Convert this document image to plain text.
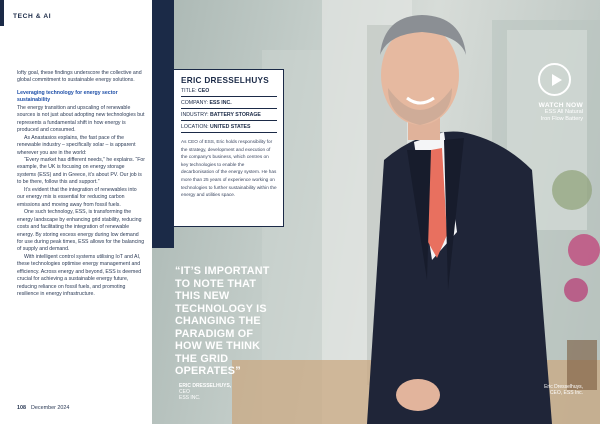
TECH & AI

lofty goal, these findings underscore the collective and global commitment to sustainable energy solutions.

Leveraging technology for energy sector sustainability

The energy transition and upscaling of renewable sources is not just about adopting new technologies but represents a fundamental shift in how energy is produced and consumed.

As Anastasios explains, the fast pace of the renewable industry – specifically solar – is apparent wherever you are in the world:

“Every market has different needs,” he explains. “For example, the UK is focusing on energy storage systems (ESS) and in Greece, it’s about PV. Our job is to be there, follow this and support.”

It’s evident that the integration of renewables into our energy mix is essential for reducing carbon emissions and moving away from fossil fuels.

One such technology, ESS, is transforming the energy landscape by enhancing grid stability, reducing costs and facilitating the integration of renewable energy. By storing excess energy during low demand for use during peak times, ESS allows for the balancing of supply and demand.

With intelligent control systems utilising IoT and AI, these technologies optimise energy management and efficiency. Across energy and beyond, ESS is deemed crucial for achieving a sustainable energy future, reducing reliance on fossil fuels, and promoting resilience in energy infrastructure.

108 December 2024
ERIC DRESSELHUYS
TITLE: CEO
COMPANY: ESS INC.
INDUSTRY: BATTERY STORAGE
LOCATION: UNITED STATES
As CEO of ESS, Eric holds responsibility for the strategy, development and execution of the company’s business, which centres on key technologies to enable the decarbonisation of the energy system. He has more than 25 years of experience working on technologies to further sustainability within the energy and utilities space.
“IT’S IMPORTANT TO NOTE THAT THIS NEW TECHNOLOGY IS CHANGING THE PARADIGM OF HOW WE THINK THE GRID OPERATES”
ERIC DRESSELHUYS,
CEO
ESS INC.
WATCH NOW
ESS All Natural
Iron Flow Battery
Eric Dresselhuys,
CEO, ESS Inc.
